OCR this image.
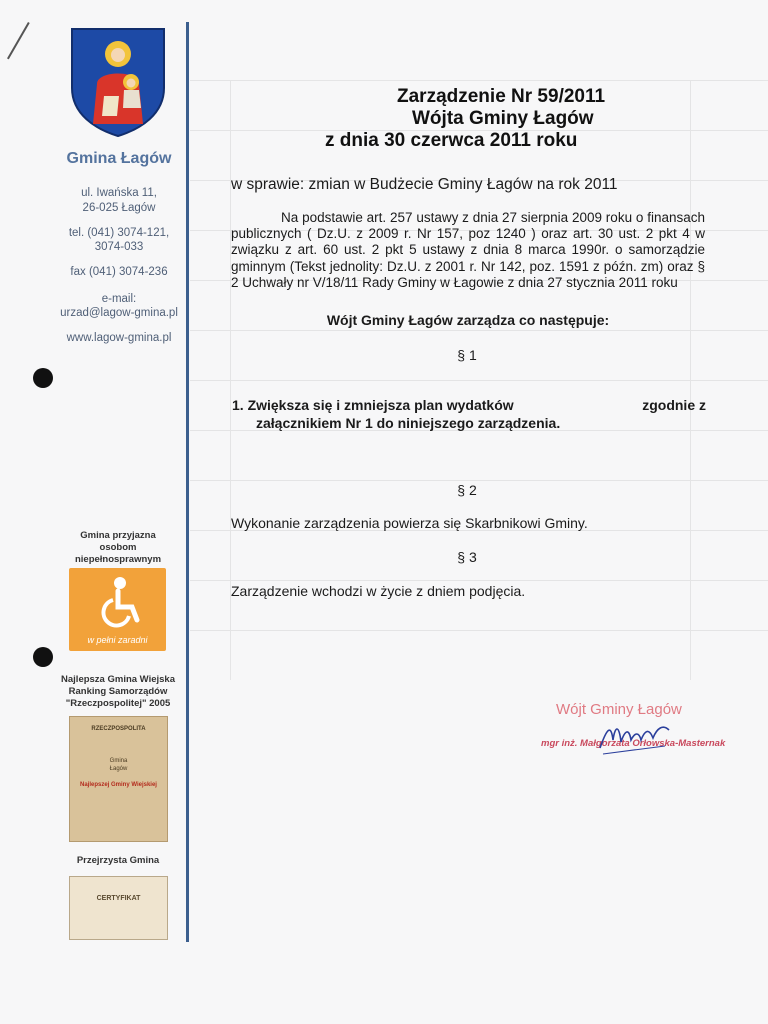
Gmina Łagów
ul. Iwańska 11,
26-025 Łagów
tel. (041) 3074-121,
3074-033
fax (041) 3074-236
e-mail:
urzad@lagow-gmina.pl
www.lagow-gmina.pl
Gmina przyjazna
osobom
niepełnosprawnym
w pełni zaradni
Najlepsza Gmina Wiejska
Ranking Samorządów
"Rzeczpospolitej" 2005
RZECZPOSPOLITA
Gmina
Łagów
Najlepszej Gminy Wiejskiej
Przejrzysta Gmina
CERTYFIKAT
Zarządzenie Nr 59/2011
Wójta Gminy Łagów
z dnia 30 czerwca 2011 roku
w sprawie: zmian w Budżecie Gminy Łagów na rok 2011
Na podstawie art. 257 ustawy z dnia 27 sierpnia 2009 roku o finansach publicznych ( Dz.U. z 2009 r. Nr 157, poz 1240 ) oraz art. 30 ust. 2 pkt 4 w związku z art. 60 ust. 2 pkt 5 ustawy z dnia 8 marca 1990r. o samorządzie gminnym (Tekst jednolity: Dz.U. z 2001 r. Nr 142, poz. 1591 z późn. zm) oraz § 2 Uchwały nr V/18/11 Rady Gminy w Łagowie z dnia 27 stycznia 2011 roku
Wójt Gminy Łagów zarządza co następuje:
§ 1
1. Zwiększa się i zmniejsza plan wydatków	zgodnie z
załącznikiem Nr 1 do niniejszego zarządzenia.
§ 2
Wykonanie zarządzenia powierza się Skarbnikowi Gminy.
§ 3
Zarządzenie wchodzi w życie z dniem podjęcia.
Wójt Gminy Łagów
mgr inż. Małgorzata Orłowska-Masternak
